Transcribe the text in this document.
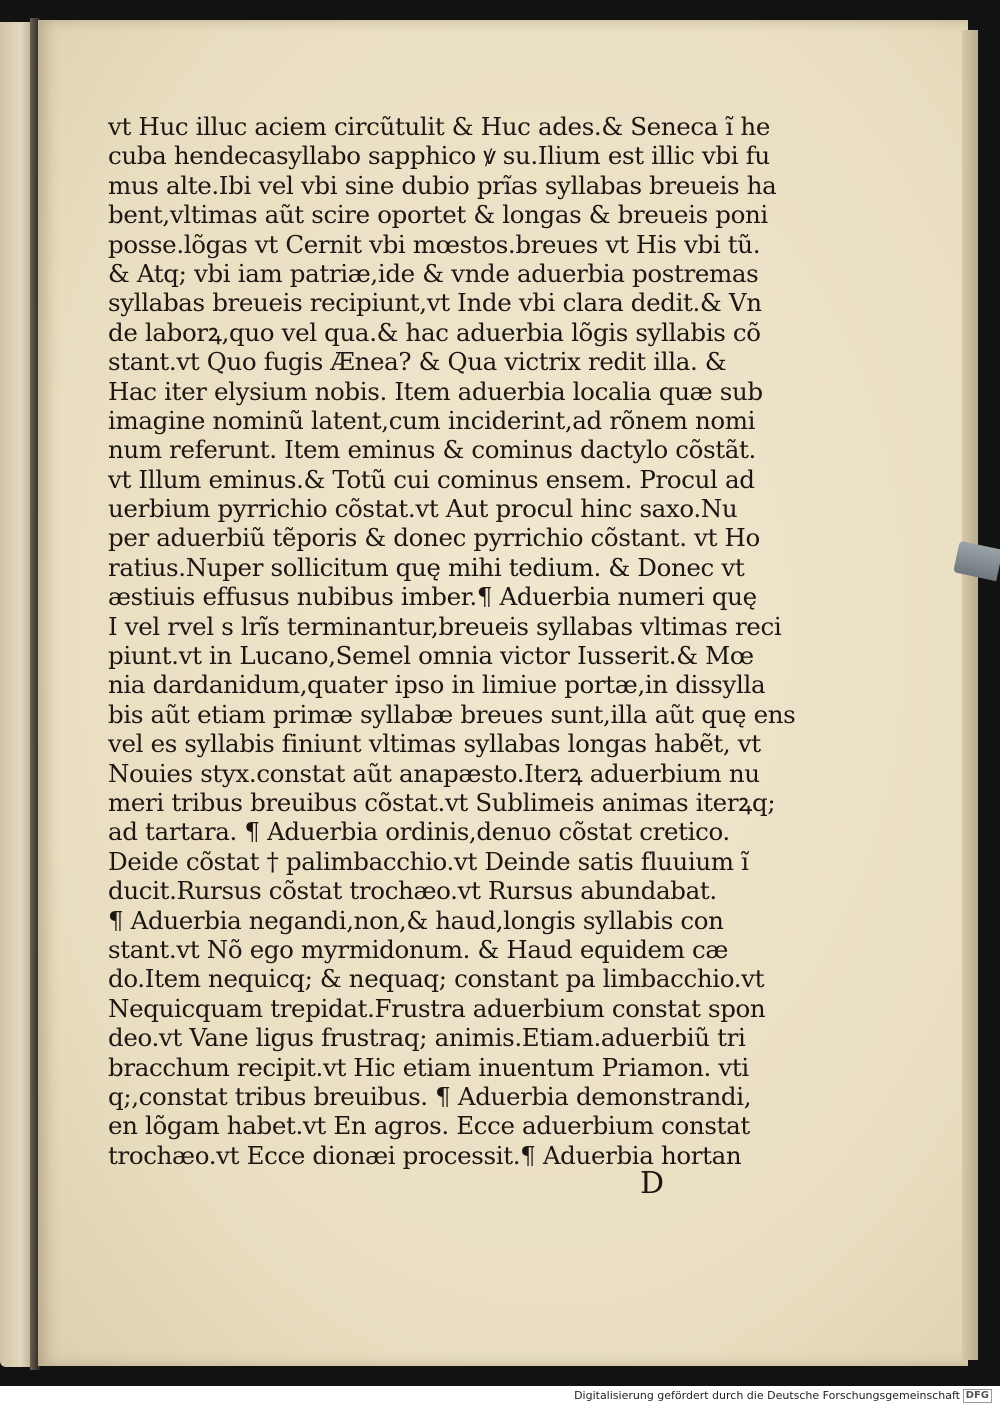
vt Huc illuc aciem circũtulit & Huc ades.& Seneca ĩ he
cuba hendecasyllabo sapphico ꝟ su.Ilium est illic vbi fu
mus alte.Ibi vel vbi sine dubio prĩas syllabas breueis ha
bent,vltimas aũt scire oportet & longas & breueis poni
posse.lõgas vt Cernit vbi mœstos.breues vt His vbi tũ.
& Atq; vbi iam patriæ,ide & vnde aduerbia postremas
syllabas breueis recipiunt,vt Inde vbi clara dedit.& Vn
de laborꝝ,quo vel qua.& hac aduerbia lõgis syllabis cõ
stant.vt Quo fugis Ænea? & Qua victrix redit illa. &
Hac iter elysium nobis. Item aduerbia localia quæ sub
imagine nominũ latent,cum inciderint,ad rõnem nomi
num referunt. Item eminus & cominus dactylo cõstãt.
vt Illum eminus.& Totũ cui cominus ensem. Procul ad
uerbium pyrrichio cõstat.vt Aut procul hinc saxo.Nu
per aduerbiũ tẽporis & donec pyrrichio cõstant. vt Ho
ratius.Nuper sollicitum quę mihi tedium. & Donec vt
æstiuis effusus nubibus imber.¶ Aduerbia numeri quę
I vel rvel s lrĩs terminantur,breueis syllabas vltimas reci
piunt.vt in Lucano,Semel omnia victor Iusserit.& Mœ
nia dardanidum,quater ipso in limiue portæ,in dissylla
bis aũt etiam primæ syllabæ breues sunt,illa aũt quę ens
vel es syllabis finiunt vltimas syllabas longas habẽt, vt
Nouies styx.constat aũt anapæsto.Iterꝝ aduerbium nu
meri tribus breuibus cõstat.vt Sublimeis animas iterꝝq;
ad tartara. ¶ Aduerbia ordinis,denuo cõstat cretico.
Deide cõstat † palimbacchio.vt Deinde satis fluuium ĩ
ducit.Rursus cõstat trochæo.vt Rursus abundabat.
¶ Aduerbia negandi,non,& haud,longis syllabis con
stant.vt Nõ ego myrmidonum. & Haud equidem cæ
do.Item nequicq; & nequaq; constant pa limbacchio.vt
Nequicquam trepidat.Frustra aduerbium constat spon
deo.vt Vane ligus frustraq; animis.Etiam.aduerbiũ tri
bracchum recipit.vt Hic etiam inuentum Priamon. vti
q;,constat tribus breuibus. ¶ Aduerbia demonstrandi,
en lõgam habet.vt En agros. Ecce aduerbium constat
trochæo.vt Ecce dionæi processit.¶ Aduerbia hortan
D
Digitalisierung gefördert durch die Deutsche Forschungsgemeinschaft DFG
